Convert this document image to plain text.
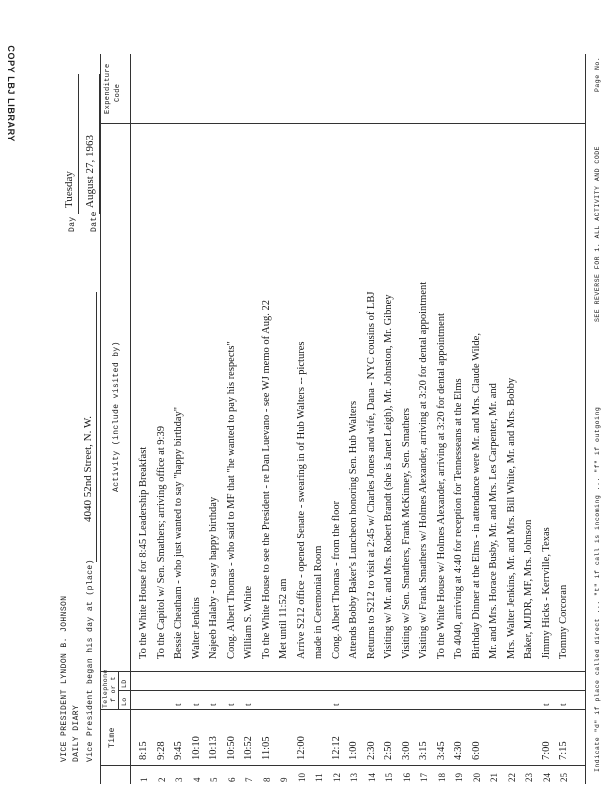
COPY LBJ LIBRARY
VICE PRESIDENT LYNDON B. JOHNSON DAILY DIARY Vice President began his day at (place)
4040 52nd Street, N. W.
Day
Tuesday
Date
August 27, 1963
Time
Telephone f or t Lo
LD
Activity (include visited by)
Expenditure Code
1
8:15
To the White House for 8:45 Leadership Breakfast
2
9:28
To the Capitol w/ Sen. Smathers; arriving office at 9:39
3
9:45
t
Bessie Cheatham - who just wanted to say "happy birthday"
4
10:10
t
Walter Jenkins
5
10:13
t
Najeeb Halaby - to say happy birthday
6
10:50
t
Cong. Albert Thomas - who said to MF that "he wanted to pay his respects"
7
10:52
t
William S. White
8
11:05
To the White House to see the President - re Dan Luevano - see WJ memo of Aug. 22
9
Met until 11:52 am
10
12:00
Arrive S212 office - opened Senate - swearing in of Hub Walters -- pictures
11
made in Ceremonial Room
12
12:12
t
Cong. Albert Thomas - from the floor
13
1:00
Attends Bobby Baker's Luncheon honoring Sen. Hub Walters
14
2:30
Returns to S212 to visit at 2:45 w/ Charles Jones and wife, Dana - NYC cousins of LBJ
15
2:50
Visiting w/ Mr. and Mrs. Robert Brandt (she is Janet Leigh), Mr. Johnston, Mr. Gibney
16
3:00
Visiting w/ Sen. Smathers, Frank McKinney, Sen. Smathers
17
3:15
Visiting w/ Frank Smathers w/ Holmes Alexander, arriving at 3:20 for dental appointment
18
3:45
To the White House w/ Holmes Alexander, arriving at 3:20 for dental appointment
19
4:30
To 4040, arriving at 4:40 for reception for Tennesseans at the Elms
20
6:00
Birthday Dinner at the Elms - in attendance were Mr. and Mrs. Claude Wilde,
21
Mr. and Mrs. Horace Busby, Mr. and Mrs. Les Carpenter, Mr. and
22
Mrs. Walter Jenkins, Mr. and Mrs. Bill White, Mr. and Mrs. Bobby
23
Baker, MJDR, MF, Mrs. Johnson
24
7:00
t
Jimmy Hicks - Kerrville, Texas
25
7:15
t
Tommy Corcoran	Indicate "d" if place called direct ... "t" if call is incoming ... "f" if outgoing
SEE REVERSE FOR 1. ALL ACTIVITY AND CODE
Page No.
